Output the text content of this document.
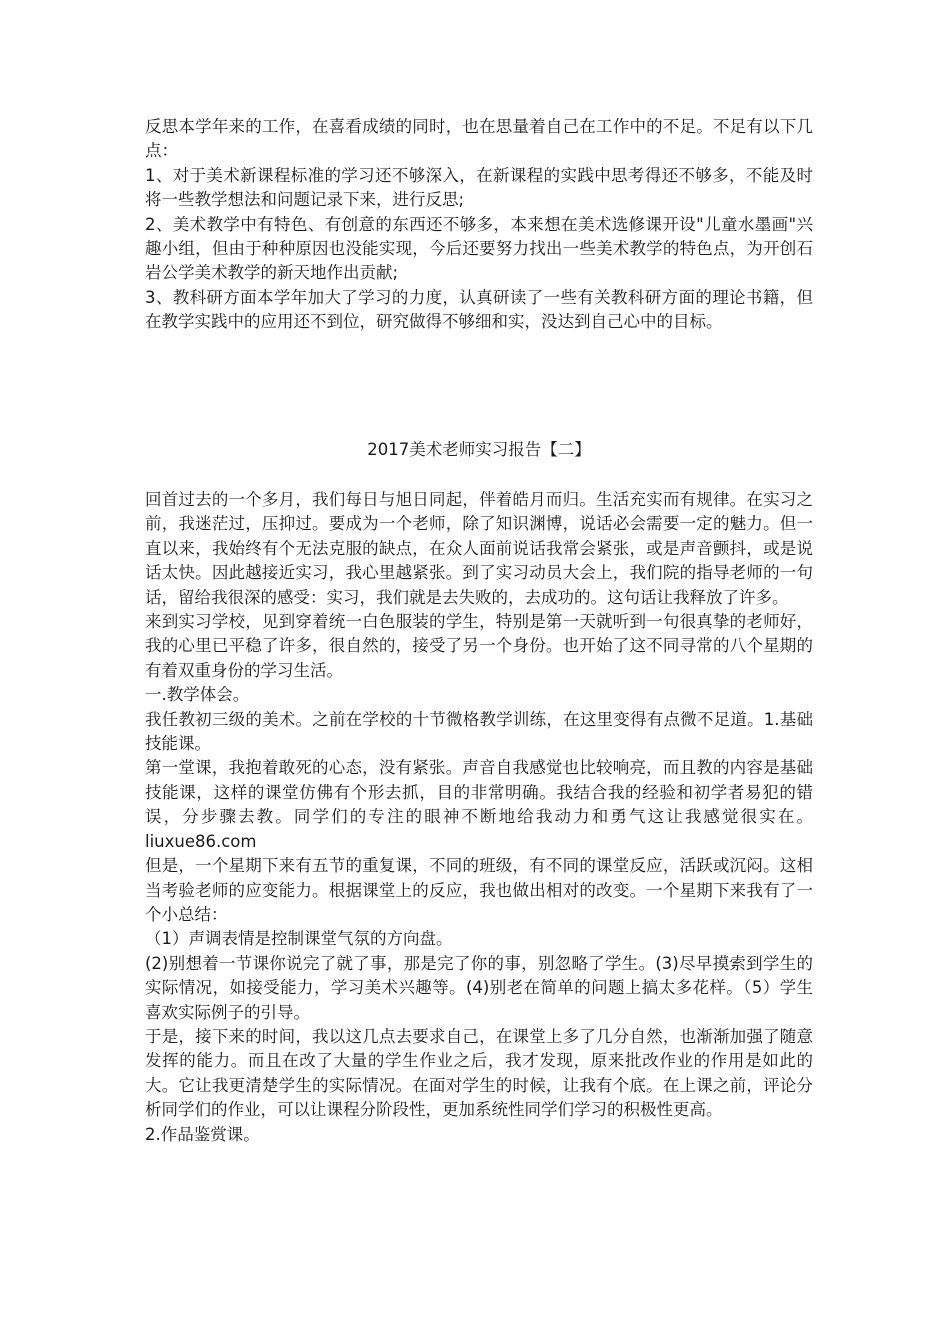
反思本学年来的工作，在喜看成绩的同时，也在思量着自己在工作中的不足。不足有以下几点：

1、对于美术新课程标准的学习还不够深入，在新课程的实践中思考得还不够多，不能及时将一些教学想法和问题记录下来，进行反思;

2、美术教学中有特色、有创意的东西还不够多，本来想在美术选修课开设"儿童水墨画"兴趣小组，但由于种种原因也没能实现，今后还要努力找出一些美术教学的特色点，为开创石岩公学美术教学的新天地作出贡献;

3、教科研方面本学年加大了学习的力度，认真研读了一些有关教科研方面的理论书籍，但在教学实践中的应用还不到位，研究做得不够细和实，没达到自己心中的目标。

2017美术老师实习报告【二】

回首过去的一个多月，我们每日与旭日同起，伴着皓月而归。生活充实而有规律。在实习之前，我迷茫过，压抑过。要成为一个老师，除了知识渊博，说话必会需要一定的魅力。但一直以来，我始终有个无法克服的缺点，在众人面前说话我常会紧张，或是声音颤抖，或是说话太快。因此越接近实习，我心里越紧张。到了实习动员大会上，我们院的指导老师的一句话，留给我很深的感受：实习，我们就是去失败的，去成功的。这句话让我释放了许多。

来到实习学校，见到穿着统一白色服装的学生，特别是第一天就听到一句很真挚的老师好，我的心里已平稳了许多，很自然的，接受了另一个身份。也开始了这不同寻常的八个星期的有着双重身份的学习生活。

一.教学体会。

我任教初三级的美术。之前在学校的十节微格教学训练，在这里变得有点微不足道。1.基础技能课。

第一堂课，我抱着敢死的心态，没有紧张。声音自我感觉也比较响亮，而且教的内容是基础技能课，这样的课堂仿佛有个形去抓，目的非常明确。我结合我的经验和初学者易犯的错误，分步骤去教。同学们的专注的眼神不断地给我动力和勇气这让我感觉很实在。liuxue86.com

但是，一个星期下来有五节的重复课，不同的班级，有不同的课堂反应，活跃或沉闷。这相当考验老师的应变能力。根据课堂上的反应，我也做出相对的改变。一个星期下来我有了一个小总结：

（1）声调表情是控制课堂气氛的方向盘。

(2)别想着一节课你说完了就了事，那是完了你的事，别忽略了学生。(3)尽早摸索到学生的实际情况，如接受能力，学习美术兴趣等。(4)别老在简单的问题上搞太多花样。（5）学生喜欢实际例子的引导。

于是，接下来的时间，我以这几点去要求自己，在课堂上多了几分自然，也渐渐加强了随意发挥的能力。而且在改了大量的学生作业之后，我才发现，原来批改作业的作用是如此的大。它让我更清楚学生的实际情况。在面对学生的时候，让我有个底。在上课之前，评论分析同学们的作业，可以让课程分阶段性，更加系统性同学们学习的积极性更高。

2.作品鉴赏课。
